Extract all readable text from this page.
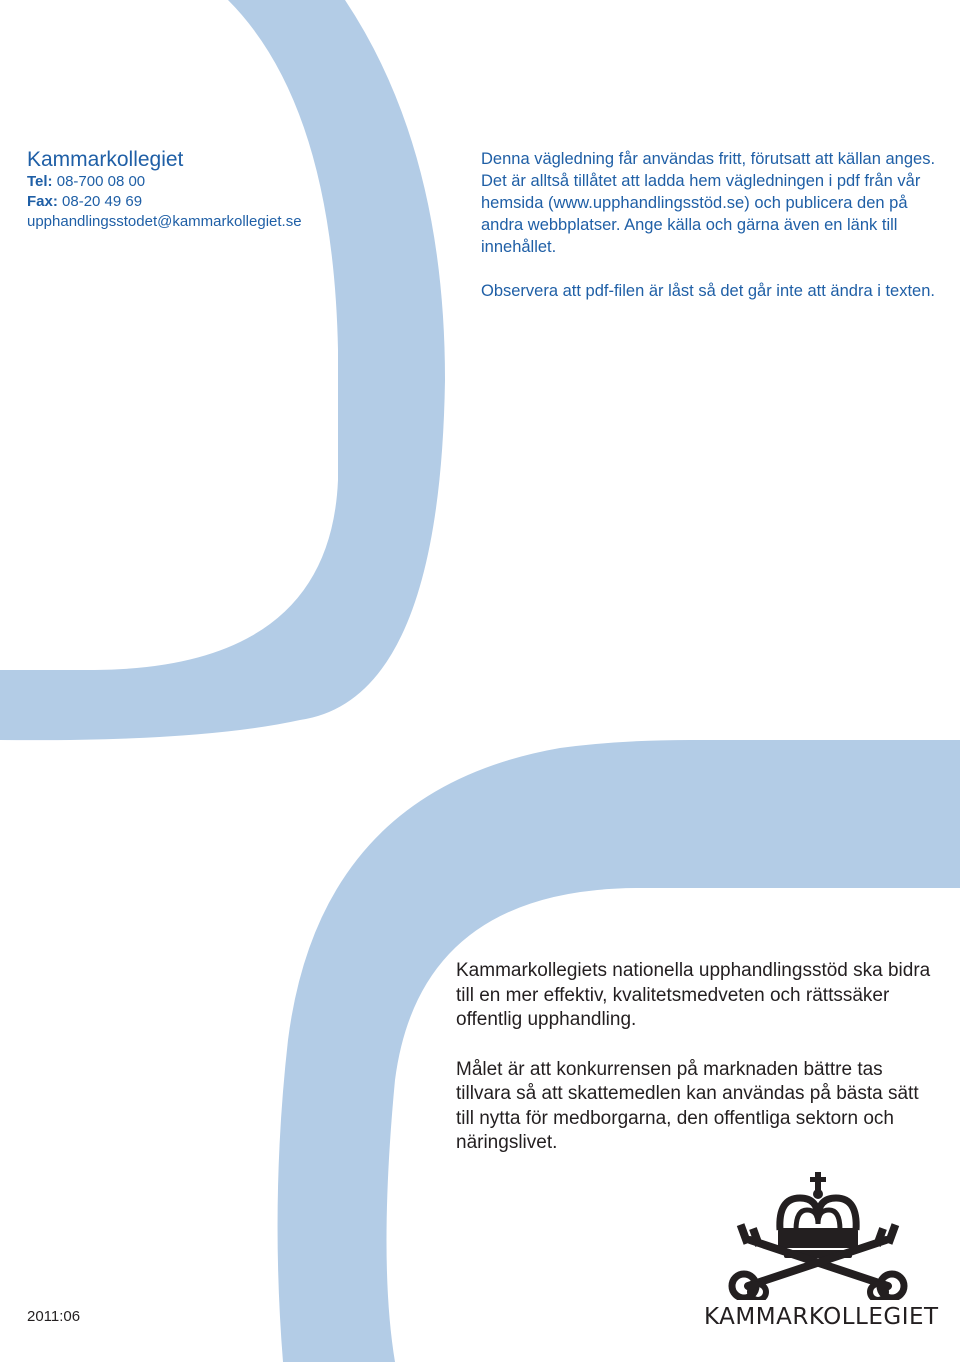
Kammarkollegiet
Tel: 08-700 08 00
Fax: 08-20 49 69
upphandlingsstodet@kammarkollegiet.se

Denna vägledning får användas fritt, förutsatt att källan anges. Det är alltså tillåtet att ladda hem vägledningen i pdf från vår hemsida (www.upphandlingsstöd.se) och publicera den på andra webbplatser. Ange källa och gärna även en länk till innehållet.

Observera att pdf-filen är låst så det går inte att ändra i texten.

Kammarkollegiets nationella upphandlingsstöd ska bidra till en mer effektiv, kvalitetsmedveten och rättssäker offentlig upphandling.

Målet är att konkurrensen på marknaden bättre tas tillvara så att skattemedlen kan användas på bästa sätt till nytta för medborgarna, den offentliga sektorn och näringslivet.

2011:06	KAMMARKOLLEGIET
